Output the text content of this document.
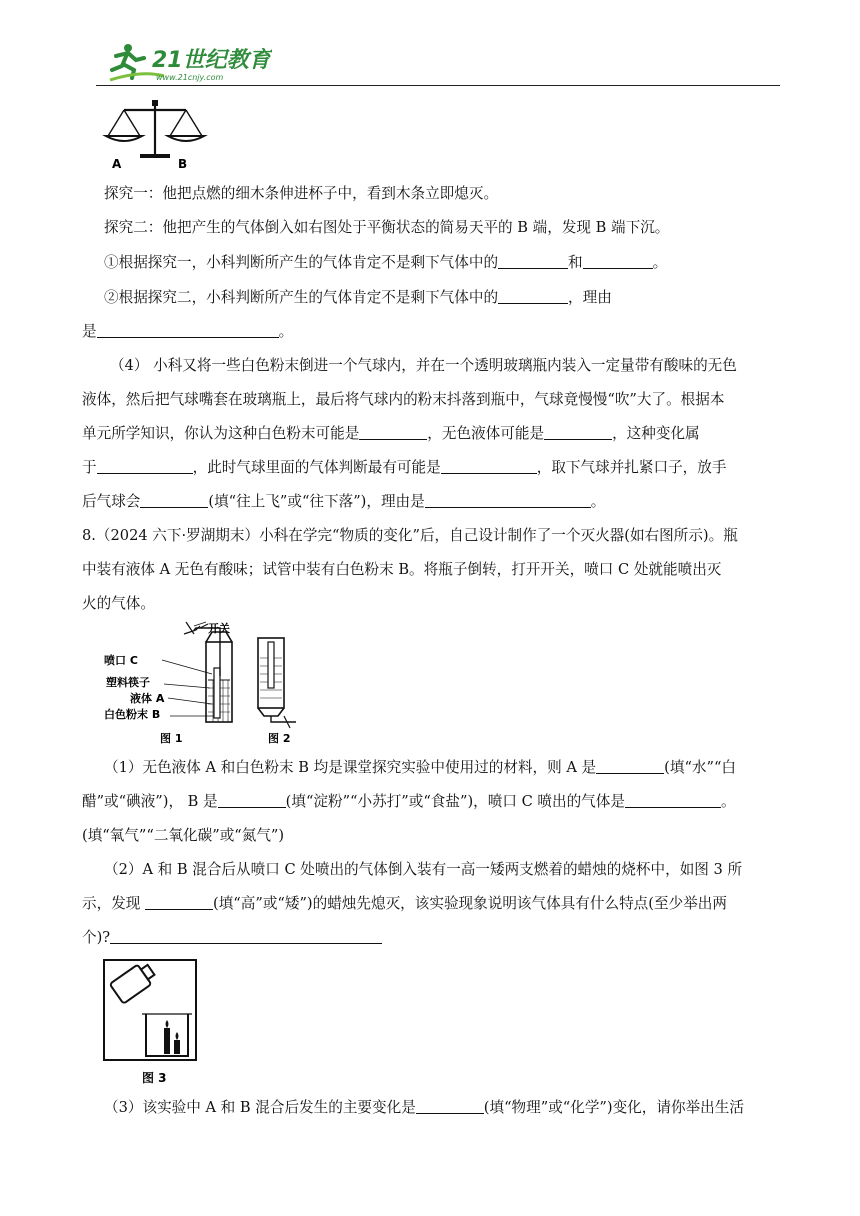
21世纪教育
www.21cnjy.com
A	B
探究一：他把点燃的细木条伸进杯子中，看到木条立即熄灭。
探究二：他把产生的气体倒入如右图处于平衡状态的简易天平的 B 端，发现 B 端下沉。
①根据探究一，小科判断所产生的气体肯定不是剩下气体中的	和	。
②根据探究二，小科判断所产生的气体肯定不是剩下气体中的	，理由
是	。
（4） 小科又将一些白色粉末倒进一个气球内，并在一个透明玻璃瓶内装入一定量带有酸味的无色
液体，然后把气球嘴套在玻璃瓶上，最后将气球内的粉末抖落到瓶中，气球竟慢慢“吹”大了。根据本
单元所学知识，你认为这种白色粉末可能是	，无色液体可能是	，这种变化属
于	，此时气球里面的气体判断最有可能是	，取下气球并扎紧口子，放手
后气球会	(填“往上飞”或“往下落”)，理由是	。
8.（2024 六下·罗湖期末）小科在学完“物质的变化”后，自己设计制作了一个灭火器(如右图所示)。瓶
中装有液体 A 无色有酸味；试管中装有白色粉末 B。将瓶子倒转，打开开关，喷口 C 处就能喷出灭
火的气体。
开关
喷口 C
塑料筷子
液体 A
白色粉末 B
图 1	图 2
（1）无色液体 A 和白色粉末 B 均是课堂探究实验中使用过的材料，则 A 是	(填“水”“白
醋”或“碘液”)， B 是	(填“淀粉”“小苏打”或“食盐”)，喷口 C 喷出的气体是	。
(填“氧气”“二氧化碳”或“氮气”)
（2）A 和 B 混合后从喷口 C 处喷出的气体倒入装有一高一矮两支燃着的蜡烛的烧杯中，如图 3 所
示，发现	(填“高”或“矮”)的蜡烛先熄灭，该实验现象说明该气体具有什么特点(至少举出两
个)?
图 3
（3）该实验中 A 和 B 混合后发生的主要变化是	(填“物理”或“化学”)变化，请你举出生活
